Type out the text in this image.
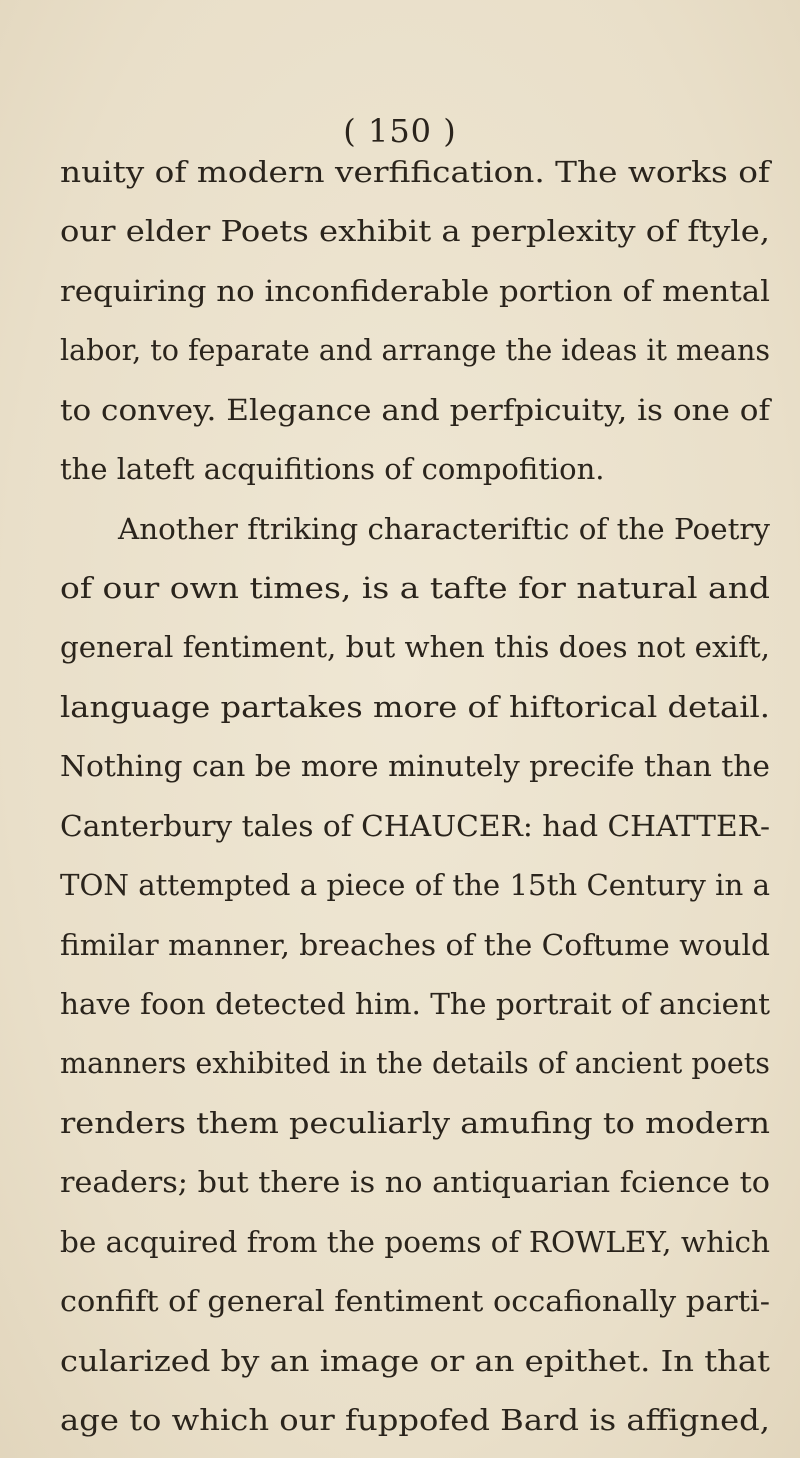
( 150 )
nuity of modern verfification. The works of
our elder Poets exhibit a perplexity of ftyle,
requiring no inconfiderable portion of mental
labor, to feparate and arrange the ideas it means
to convey. Elegance and perfpicuity, is one of
the lateft acquifitions of compofition.
Another ftriking characteriftic of the Poetry
of our own times, is a tafte for natural and
general fentiment, but when this does not exift,
language partakes more of hiftorical detail.
Nothing can be more minutely precife than the
Canterbury tales of CHAUCER: had CHATTER-
TON attempted a piece of the 15th Century in a
fimilar manner, breaches of the Coftume would
have foon detected him. The portrait of ancient
manners exhibited in the details of ancient poets
renders them peculiarly amufing to modern
readers; but there is no antiquarian fcience to
be acquired from the poems of ROWLEY, which
confift of general fentiment occafionally parti-
cularized by an image or an epithet. In that
age to which our fuppofed Bard is affigned,
